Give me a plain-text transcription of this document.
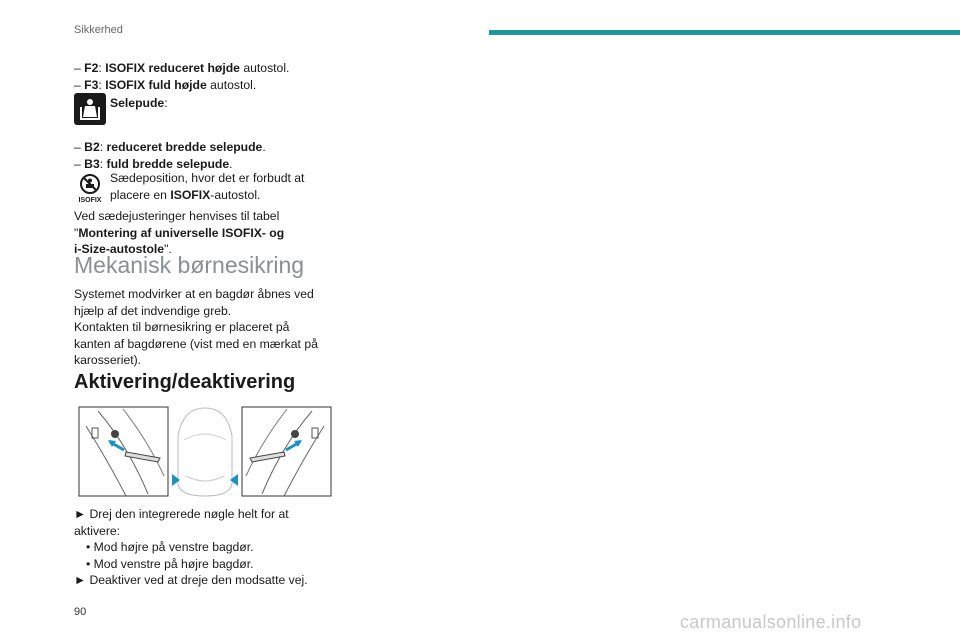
Sikkerhed
– F2: ISOFIX reduceret højde autostol.
– F3: ISOFIX fuld højde autostol.
Selepude:
– B2: reduceret bredde selepude.
– B3: fuld bredde selepude.
ISOFIX
Sædeposition, hvor det er forbudt at
placere en ISOFIX-autostol.
Ved sædejusteringer henvises til tabel
"Montering af universelle ISOFIX- og
i-Size-autostole".
Mekanisk børnesikring
Systemet modvirker at en bagdør åbnes ved
hjælp af det indvendige greb.
Kontakten til børnesikring er placeret på
kanten af bagdørene (vist med en mærkat på
karosseriet).
Aktivering/deaktivering
► Drej den integrerede nøgle helt for at
aktivere:
• Mod højre på venstre bagdør.
• Mod venstre på højre bagdør.
► Deaktiver ved at dreje den modsatte vej.
90	carmanualsonline.info
